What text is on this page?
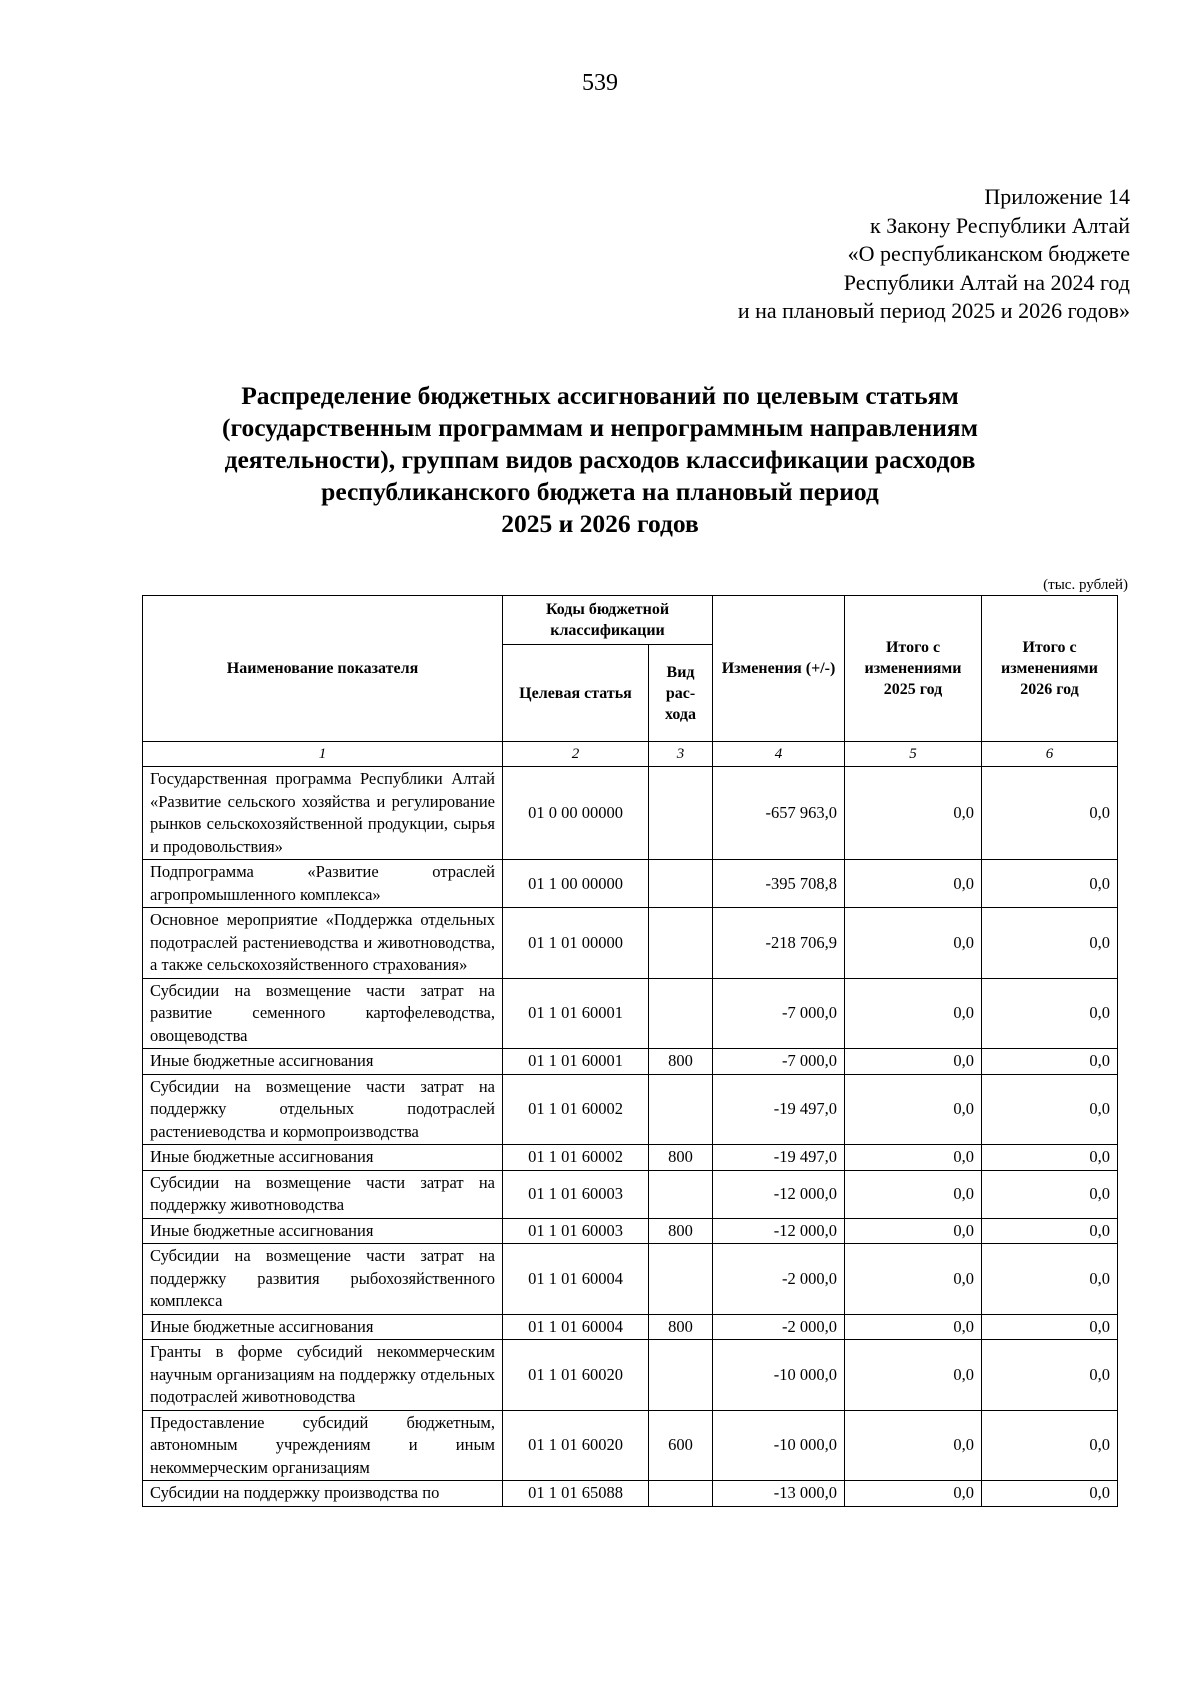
539
Приложение 14
к Закону Республики Алтай
«О республиканском бюджете
Республики Алтай на 2024 год
и на плановый период 2025 и 2026 годов»
Распределение бюджетных ассигнований по целевым статьям
(государственным программам и непрограммным направлениям
деятельности), группам видов расходов классификации расходов
республиканского бюджета на плановый период
2025 и 2026 годов
(тыс. рублей)
Наименование показателя	Коды бюджетной классификации		Изменения (+/-)	Итого с изменениями 2025 год	Итого с изменениями 2026 год
	Целевая статья	Вид рас-хода			
1	2	3	4	5	6
Государственная программа Республики Алтай «Развитие сельского хозяйства и регулирование рынков сельскохозяйственной продукции, сырья и продовольствия»	01 0 00 00000		-657 963,0	0,0	0,0
Подпрограмма «Развитие отраслей агропромышленного комплекса»	01 1 00 00000		-395 708,8	0,0	0,0
Основное мероприятие «Поддержка отдельных подотраслей растениеводства и животноводства, а также сельскохозяйственного страхования»	01 1 01 00000		-218 706,9	0,0	0,0
Субсидии на возмещение части затрат на развитие семенного картофелеводства, овощеводства	01 1 01 60001		-7 000,0	0,0	0,0
Иные бюджетные ассигнования	01 1 01 60001	800	-7 000,0	0,0	0,0
Субсидии на возмещение части затрат на поддержку отдельных подотраслей растениеводства и кормопроизводства	01 1 01 60002		-19 497,0	0,0	0,0
Иные бюджетные ассигнования	01 1 01 60002	800	-19 497,0	0,0	0,0
Субсидии на возмещение части затрат на поддержку животноводства	01 1 01 60003		-12 000,0	0,0	0,0
Иные бюджетные ассигнования	01 1 01 60003	800	-12 000,0	0,0	0,0
Субсидии на возмещение части затрат на поддержку развития рыбохозяйственного комплекса	01 1 01 60004		-2 000,0	0,0	0,0
Иные бюджетные ассигнования	01 1 01 60004	800	-2 000,0	0,0	0,0
Гранты в форме субсидий некоммерческим научным организациям на поддержку отдельных подотраслей животноводства	01 1 01 60020		-10 000,0	0,0	0,0
Предоставление субсидий бюджетным, автономным учреждениям и иным некоммерческим организациям	01 1 01 60020	600	-10 000,0	0,0	0,0
Субсидии на поддержку производства по	01 1 01 65088		-13 000,0	0,0	0,0
